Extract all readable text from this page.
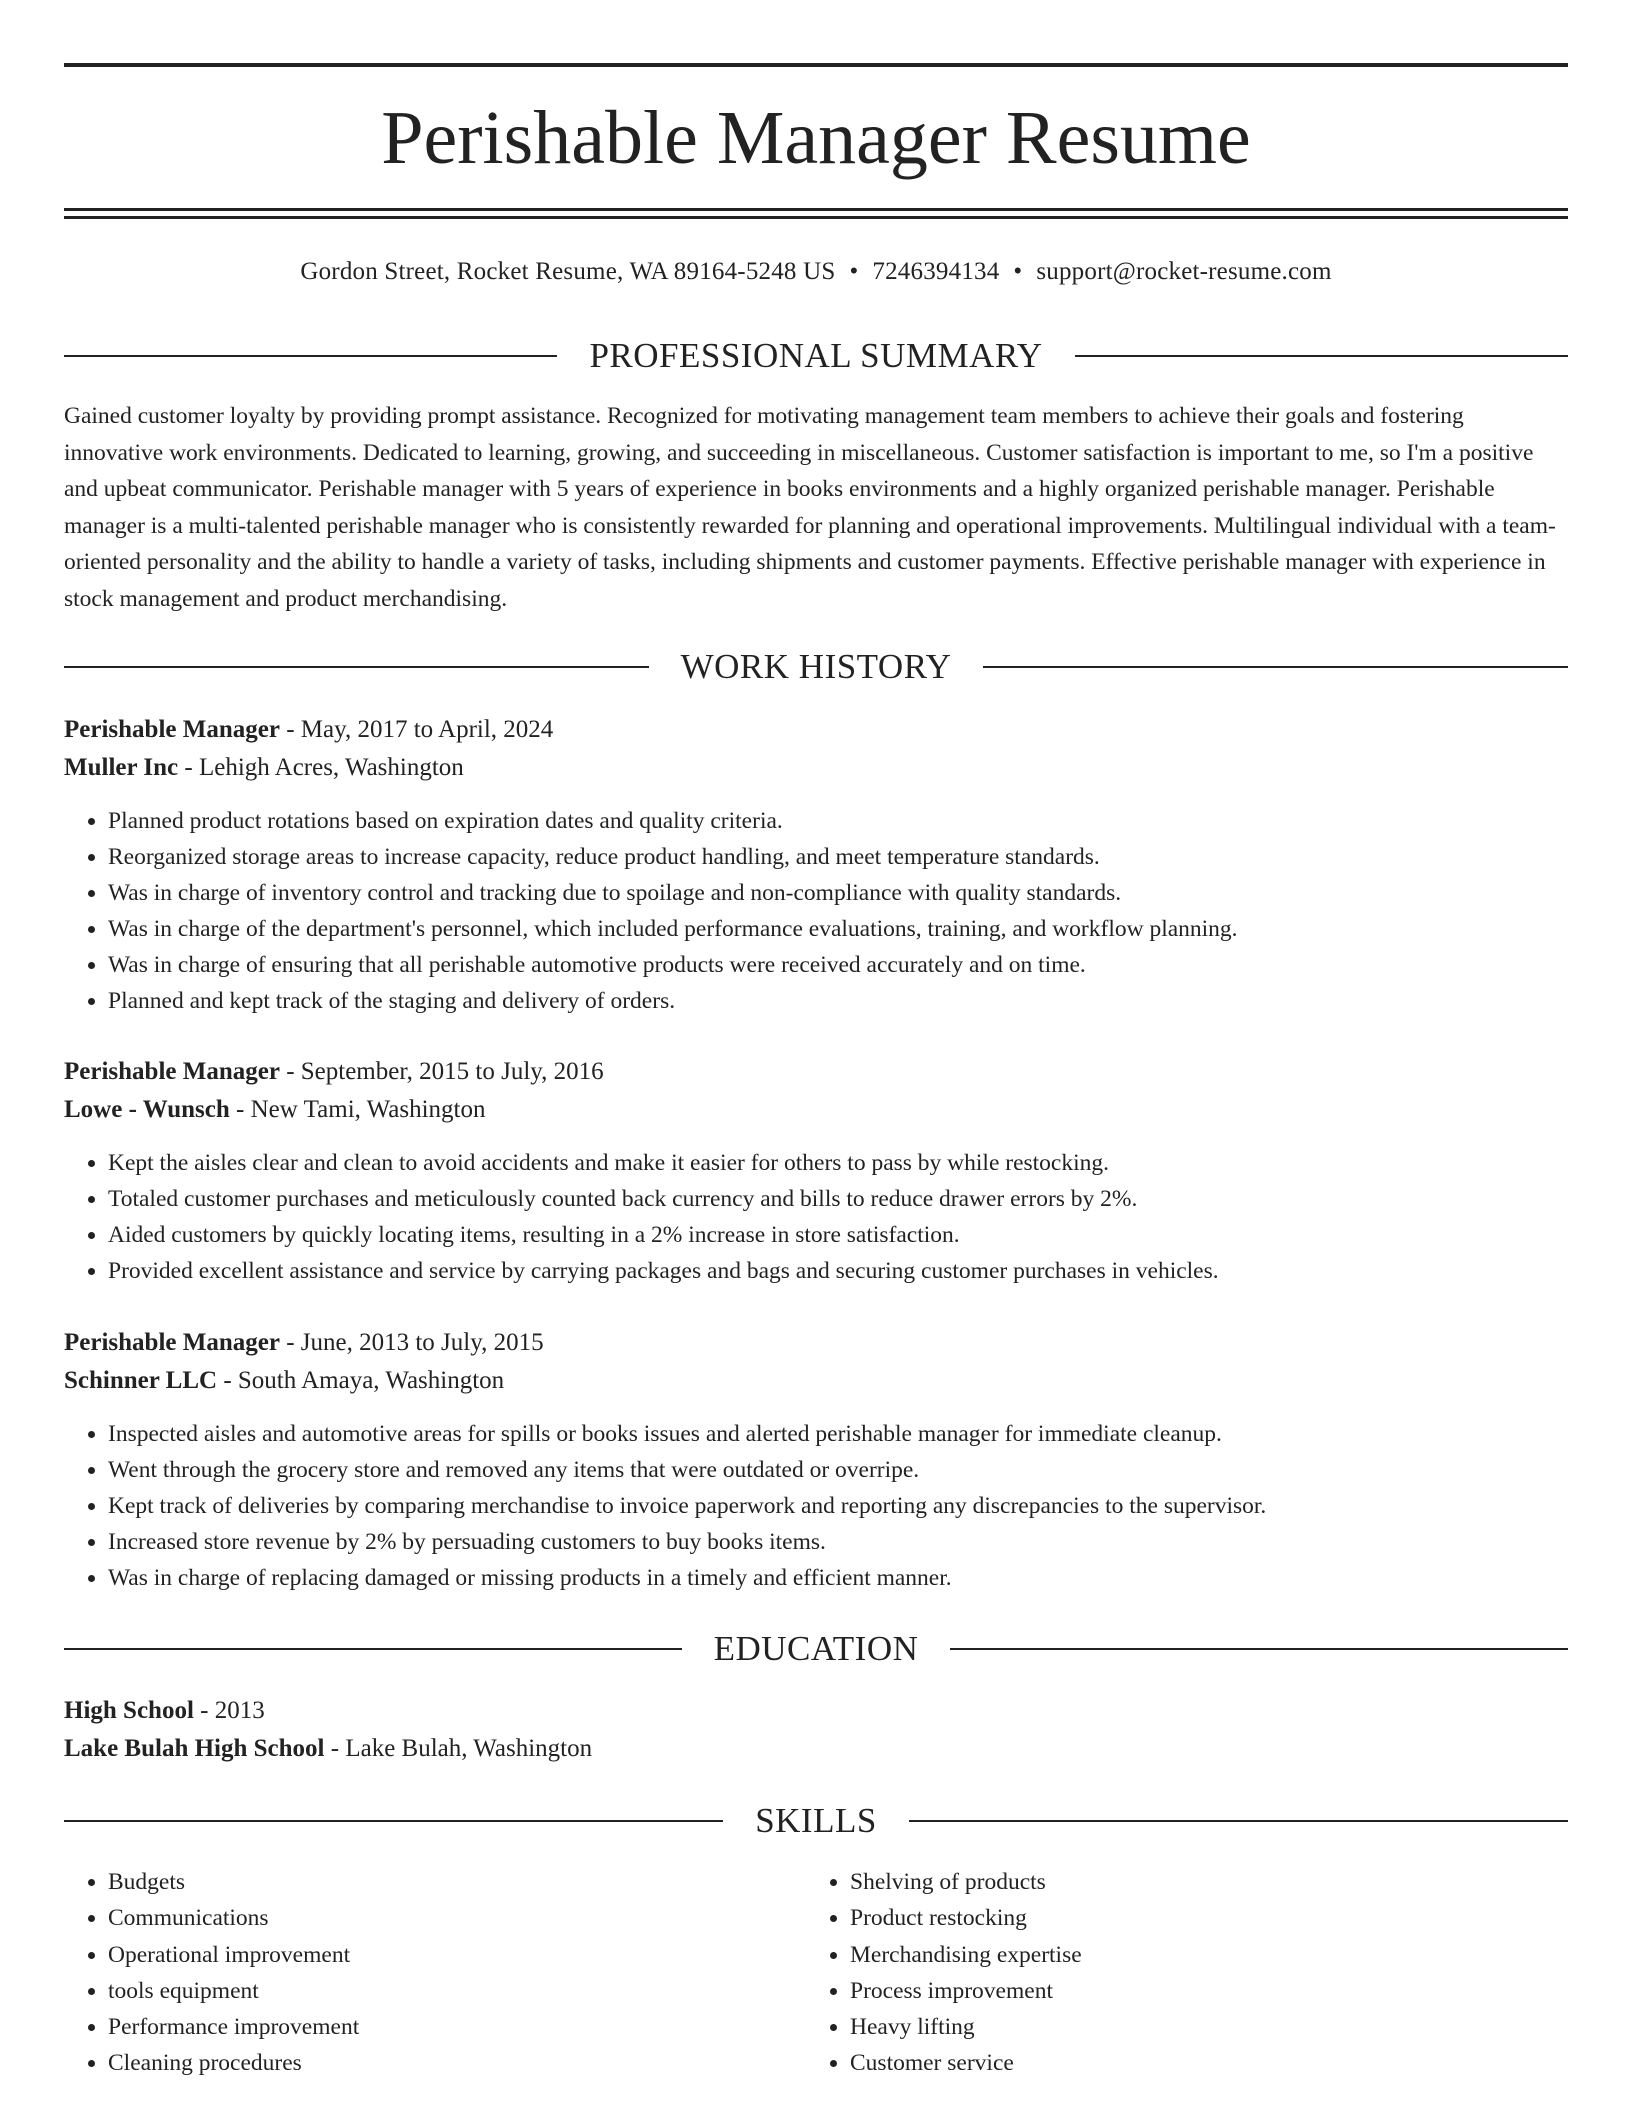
Perishable Manager Resume
Gordon Street, Rocket Resume, WA 89164-5248 US • 7246394134 • support@rocket-resume.com
PROFESSIONAL SUMMARY

Gained customer loyalty by providing prompt assistance. Recognized for motivating management team members to achieve their goals and fostering innovative work environments. Dedicated to learning, growing, and succeeding in miscellaneous. Customer satisfaction is important to me, so I'm a positive and upbeat communicator. Perishable manager with 5 years of experience in books environments and a highly organized perishable manager. Perishable manager is a multi-talented perishable manager who is consistently rewarded for planning and operational improvements. Multilingual individual with a team-oriented personality and the ability to handle a variety of tasks, including shipments and customer payments. Effective perishable manager with experience in stock management and product merchandising.

WORK HISTORY
Perishable Manager - May, 2017 to April, 2024
Muller Inc - Lehigh Acres, Washington
• Planned product rotations based on expiration dates and quality criteria.
• Reorganized storage areas to increase capacity, reduce product handling, and meet temperature standards.
• Was in charge of inventory control and tracking due to spoilage and non-compliance with quality standards.
• Was in charge of the department's personnel, which included performance evaluations, training, and workflow planning.
• Was in charge of ensuring that all perishable automotive products were received accurately and on time.
• Planned and kept track of the staging and delivery of orders.
Perishable Manager - September, 2015 to July, 2016
Lowe - Wunsch - New Tami, Washington
• Kept the aisles clear and clean to avoid accidents and make it easier for others to pass by while restocking.
• Totaled customer purchases and meticulously counted back currency and bills to reduce drawer errors by 2%.
• Aided customers by quickly locating items, resulting in a 2% increase in store satisfaction.
• Provided excellent assistance and service by carrying packages and bags and securing customer purchases in vehicles.
Perishable Manager - June, 2013 to July, 2015
Schinner LLC - South Amaya, Washington
• Inspected aisles and automotive areas for spills or books issues and alerted perishable manager for immediate cleanup.
• Went through the grocery store and removed any items that were outdated or overripe.
• Kept track of deliveries by comparing merchandise to invoice paperwork and reporting any discrepancies to the supervisor.
• Increased store revenue by 2% by persuading customers to buy books items.
• Was in charge of replacing damaged or missing products in a timely and efficient manner.
EDUCATION
High School - 2013
Lake Bulah High School - Lake Bulah, Washington
SKILLS
• Budgets
• Communications
• Operational improvement
• tools equipment
• Performance improvement
• Cleaning procedures
• Shelving of products
• Product restocking
• Merchandising expertise
• Process improvement
• Heavy lifting
• Customer service
